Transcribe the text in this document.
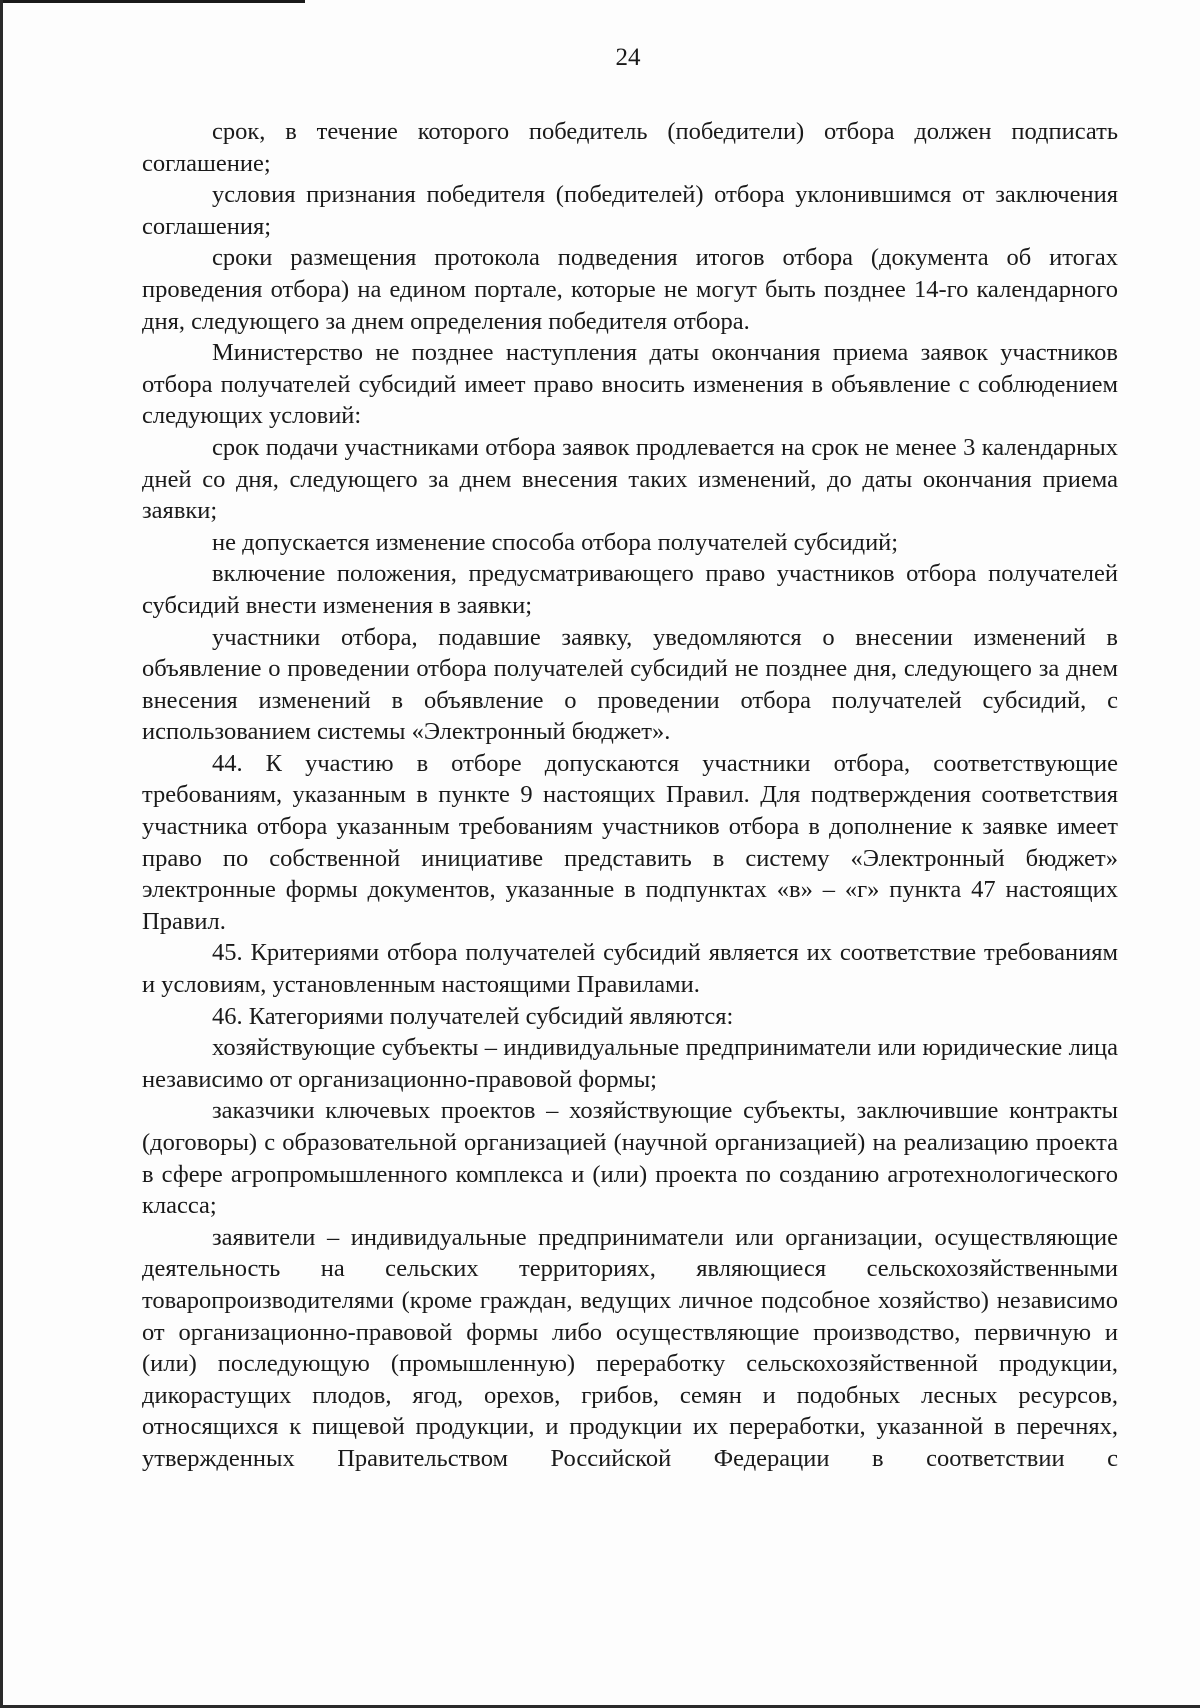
24

срок, в течение которого победитель (победители) отбора должен подписать соглашение;

условия признания победителя (победителей) отбора уклонившимся от заключения соглашения;

сроки размещения протокола подведения итогов отбора (документа об итогах проведения отбора) на едином портале, которые не могут быть позднее 14-го календарного дня, следующего за днем определения победителя отбора.

Министерство не позднее наступления даты окончания приема заявок участников отбора получателей субсидий имеет право вносить изменения в объявление с соблюдением следующих условий:

срок подачи участниками отбора заявок продлевается на срок не менее 3 календарных дней со дня, следующего за днем внесения таких изменений, до даты окончания приема заявки;

не допускается изменение способа отбора получателей субсидий;

включение положения, предусматривающего право участников отбора получателей субсидий внести изменения в заявки;

участники отбора, подавшие заявку, уведомляются о внесении изменений в объявление о проведении отбора получателей субсидий не позднее дня, следующего за днем внесения изменений в объявление о проведении отбора получателей субсидий, с использованием системы «Электронный бюджет».

44. К участию в отборе допускаются участники отбора, соответствующие требованиям, указанным в пункте 9 настоящих Правил. Для подтверждения соответствия участника отбора указанным требованиям участников отбора в дополнение к заявке имеет право по собственной инициативе представить в систему «Электронный бюджет» электронные формы документов, указанные в подпунктах «в» – «г» пункта 47 настоящих Правил.

45. Критериями отбора получателей субсидий является их соответствие требованиям и условиям, установленным настоящими Правилами.

46. Категориями получателей субсидий являются:

хозяйствующие субъекты – индивидуальные предприниматели или юридические лица независимо от организационно-правовой формы;

заказчики ключевых проектов – хозяйствующие субъекты, заключившие контракты (договоры) с образовательной организацией (научной организацией) на реализацию проекта в сфере агропромышленного комплекса и (или) проекта по созданию агротехнологического класса;

заявители – индивидуальные предприниматели или организации, осуществляющие деятельность на сельских территориях, являющиеся сельскохозяйственными товаропроизводителями (кроме граждан, ведущих личное подсобное хозяйство) независимо от организационно-правовой формы либо осуществляющие производство, первичную и (или) последующую (промышленную) переработку сельскохозяйственной продукции, дикорастущих плодов, ягод, орехов, грибов, семян и подобных лесных ресурсов, относящихся к пищевой продукции, и продукции их переработки, указанной в перечнях, утвержденных Правительством Российской Федерации в соответствии с
